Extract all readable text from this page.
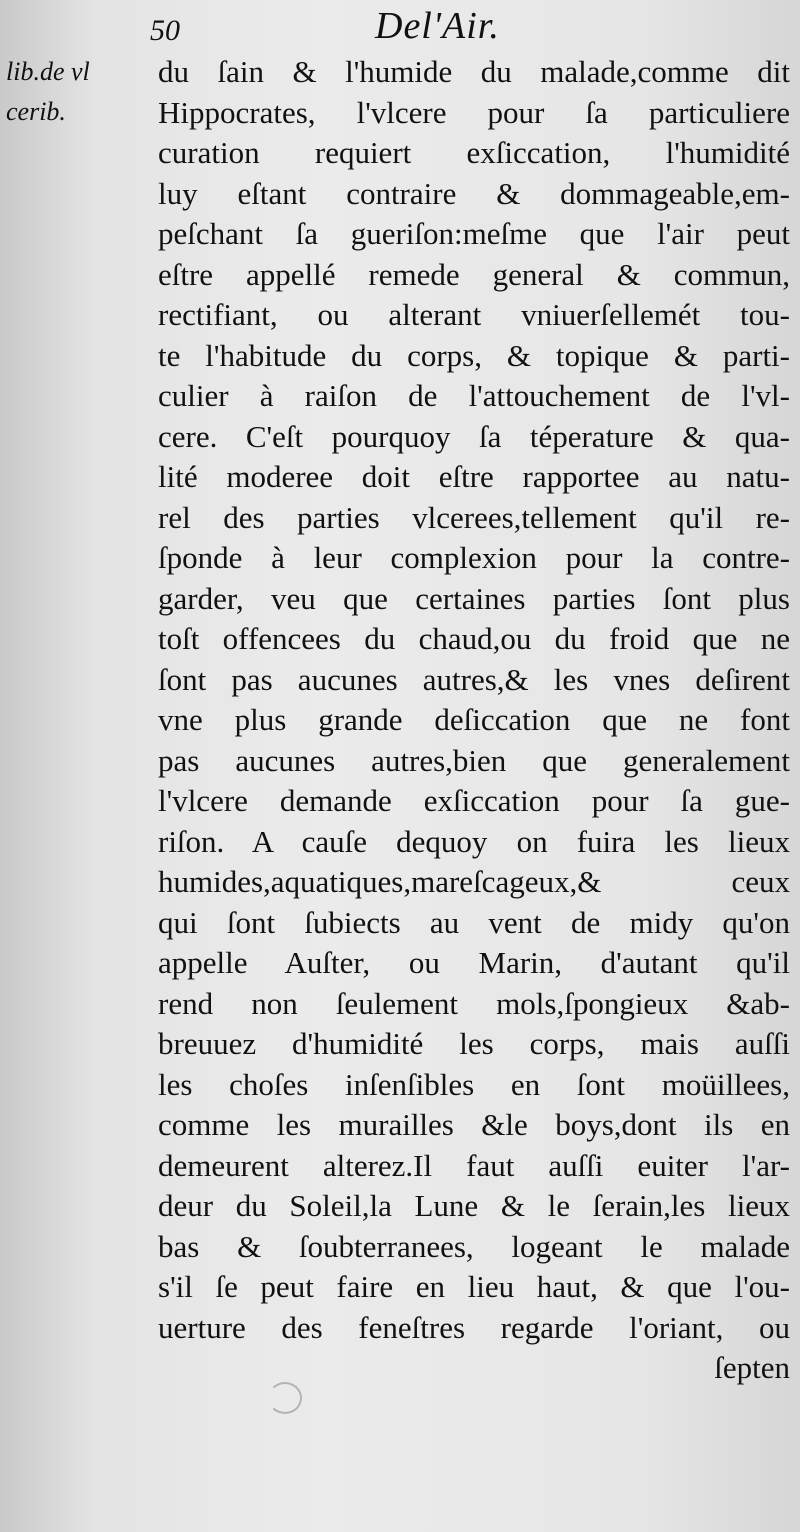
50	Del'Air.
lib.de vl
cerib.
du ſain & l'humide du malade,comme dit
Hippocrates, l'vlcere pour ſa particuliere
curation requiert exſiccation, l'humidité
luy eſtant contraire & dommageable,em-
peſchant ſa gueriſon:meſme que l'air peut
eſtre appellé remede general & commun,
rectifiant, ou alterant vniuerſellemét tou-
te l'habitude du corps, & topique & parti-
culier à raiſon de l'attouchement de l'vl-
cere. C'eſt pourquoy ſa téperature & qua-
lité moderee doit eſtre rapportee au natu-
rel des parties vlcerees,tellement qu'il re-
ſponde à leur complexion pour la contre-
garder, veu que certaines parties ſont plus
toſt offencees du chaud,ou du froid que ne
ſont pas aucunes autres,& les vnes deſirent
vne plus grande deſiccation que ne font
pas aucunes autres,bien que generalement
l'vlcere demande exſiccation pour ſa gue-
riſon. A cauſe dequoy on fuira les lieux
humides,aquatiques,mareſcageux,& ceux
qui ſont ſubiects au vent de midy qu'on
appelle Auſter, ou Marin, d'autant qu'il
rend non ſeulement mols,ſpongieux &ab-
breuuez d'humidité les corps, mais auſſi
les choſes inſenſibles en ſont moüillees,
comme les murailles &le boys,dont ils en
demeurent alterez.Il faut auſſi euiter l'ar-
deur du Soleil,la Lune & le ſerain,les lieux
bas & ſoubterranees, logeant le malade
s'il ſe peut faire en lieu haut, & que l'ou-
uerture des feneſtres regarde l'oriant, ou
ſepten
